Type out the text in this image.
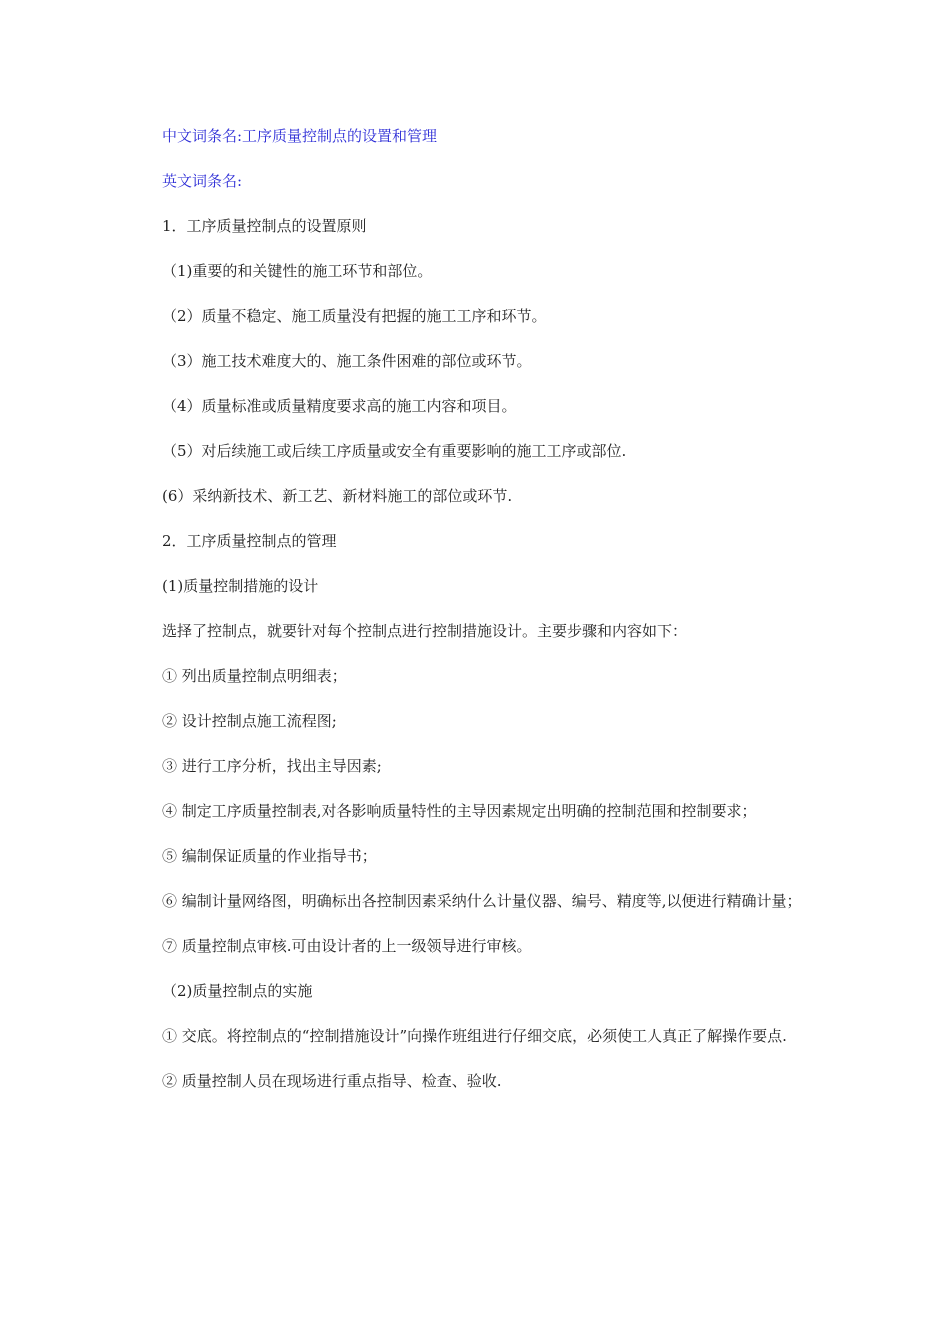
中文词条名:工序质量控制点的设置和管理
英文词条名:
1．工序质量控制点的设置原则
（1)重要的和关键性的施工环节和部位。
（2）质量不稳定、施工质量没有把握的施工工序和环节。
（3）施工技术难度大的、施工条件困难的部位或环节。
（4）质量标准或质量精度要求高的施工内容和项目。
（5）对后续施工或后续工序质量或安全有重要影响的施工工序或部位.
(6）采纳新技术、新工艺、新材料施工的部位或环节.
2．工序质量控制点的管理
(1)质量控制措施的设计
选择了控制点，就要针对每个控制点进行控制措施设计。主要步骤和内容如下：
① 列出质量控制点明细表；
② 设计控制点施工流程图;
③ 进行工序分析，找出主导因素;
④ 制定工序质量控制表,对各影响质量特性的主导因素规定出明确的控制范围和控制要求；
⑤ 编制保证质量的作业指导书；
⑥ 编制计量网络图，明确标出各控制因素采纳什么计量仪器、编号、精度等,以便进行精确计量；
⑦ 质量控制点审核.可由设计者的上一级领导进行审核。
（2)质量控制点的实施
① 交底。将控制点的“控制措施设计”向操作班组进行仔细交底，必须使工人真正了解操作要点.
② 质量控制人员在现场进行重点指导、检查、验收.
